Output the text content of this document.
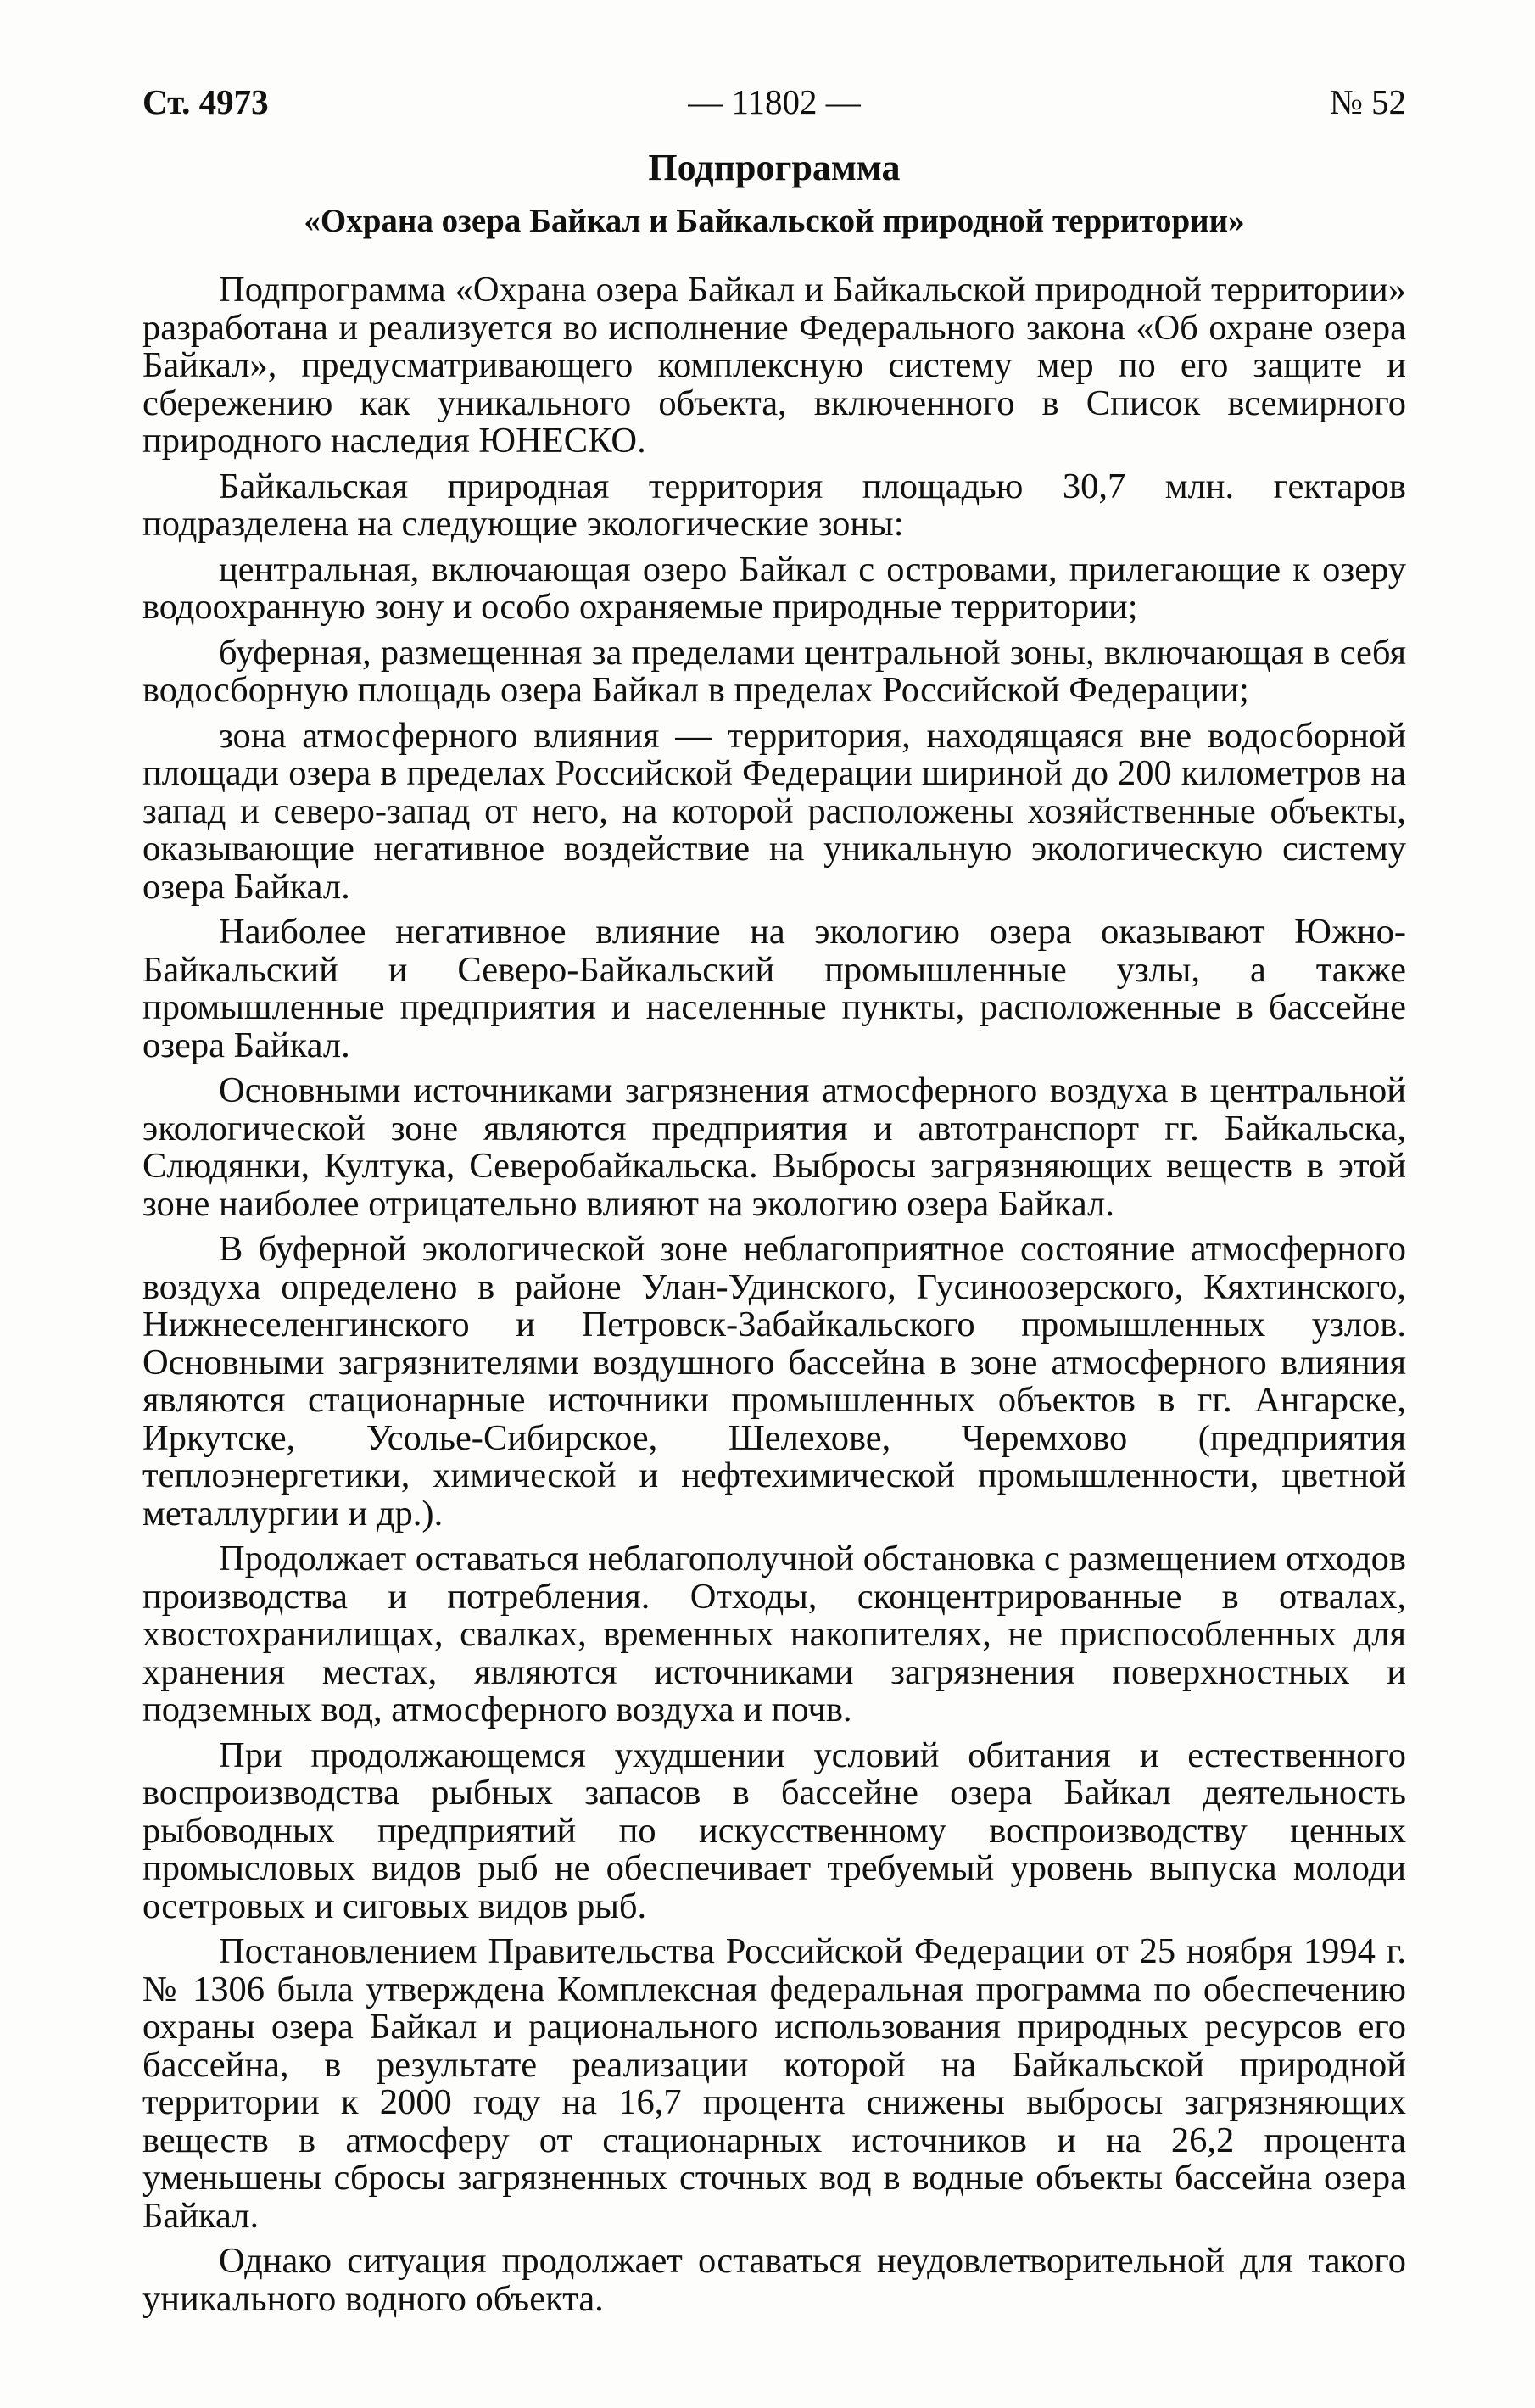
Ст. 4973	— 11802 —	№ 52
Подпрограмма
«Охрана озера Байкал и Байкальской природной территории»

Подпрограмма «Охрана озера Байкал и Байкальской природной территории» разработана и реализуется во исполнение Федерального закона «Об охране озера Байкал», предусматривающего комплексную систему мер по его защите и сбережению как уникального объекта, включенного в Список всемирного природного наследия ЮНЕСКО.

Байкальская природная территория площадью 30,7 млн. гектаров подразделена на следующие экологические зоны:

центральная, включающая озеро Байкал с островами, прилегающие к озеру водоохранную зону и особо охраняемые природные территории;

буферная, размещенная за пределами центральной зоны, включающая в себя водосборную площадь озера Байкал в пределах Российской Федерации;

зона атмосферного влияния — территория, находящаяся вне водосборной площади озера в пределах Российской Федерации шириной до 200 километров на запад и северо-запад от него, на которой расположены хозяйственные объекты, оказывающие негативное воздействие на уникальную экологическую систему озера Байкал.

Наиболее негативное влияние на экологию озера оказывают Южно-Байкальский и Северо-Байкальский промышленные узлы, а также промышленные предприятия и населенные пункты, расположенные в бассейне озера Байкал.

Основными источниками загрязнения атмосферного воздуха в центральной экологической зоне являются предприятия и автотранспорт гг. Байкальска, Слюдянки, Култука, Северобайкальска. Выбросы загрязняющих веществ в этой зоне наиболее отрицательно влияют на экологию озера Байкал.

В буферной экологической зоне неблагоприятное состояние атмосферного воздуха определено в районе Улан-Удинского, Гусиноозерского, Кяхтинского, Нижнеселенгинского и Петровск-Забайкальского промышленных узлов. Основными загрязнителями воздушного бассейна в зоне атмосферного влияния являются стационарные источники промышленных объектов в гг. Ангарске, Иркутске, Усолье-Сибирское, Шелехове, Черемхово (предприятия теплоэнергетики, химической и нефтехимической промышленности, цветной металлургии и др.).

Продолжает оставаться неблагополучной обстановка с размещением отходов производства и потребления. Отходы, сконцентрированные в отвалах, хвостохранилищах, свалках, временных накопителях, не приспособленных для хранения местах, являются источниками загрязнения поверхностных и подземных вод, атмосферного воздуха и почв.

При продолжающемся ухудшении условий обитания и естественного воспроизводства рыбных запасов в бассейне озера Байкал деятельность рыбоводных предприятий по искусственному воспроизводству ценных промысловых видов рыб не обеспечивает требуемый уровень выпуска молоди осетровых и сиговых видов рыб.

Постановлением Правительства Российской Федерации от 25 ноября 1994 г. № 1306 была утверждена Комплексная федеральная программа по обеспечению охраны озера Байкал и рационального использования природных ресурсов его бассейна, в результате реализации которой на Байкальской природной территории к 2000 году на 16,7 процента снижены выбросы загрязняющих веществ в атмосферу от стационарных источников и на 26,2 процента уменьшены сбросы загрязненных сточных вод в водные объекты бассейна озера Байкал.

Однако ситуация продолжает оставаться неудовлетворительной для такого уникального водного объекта.
